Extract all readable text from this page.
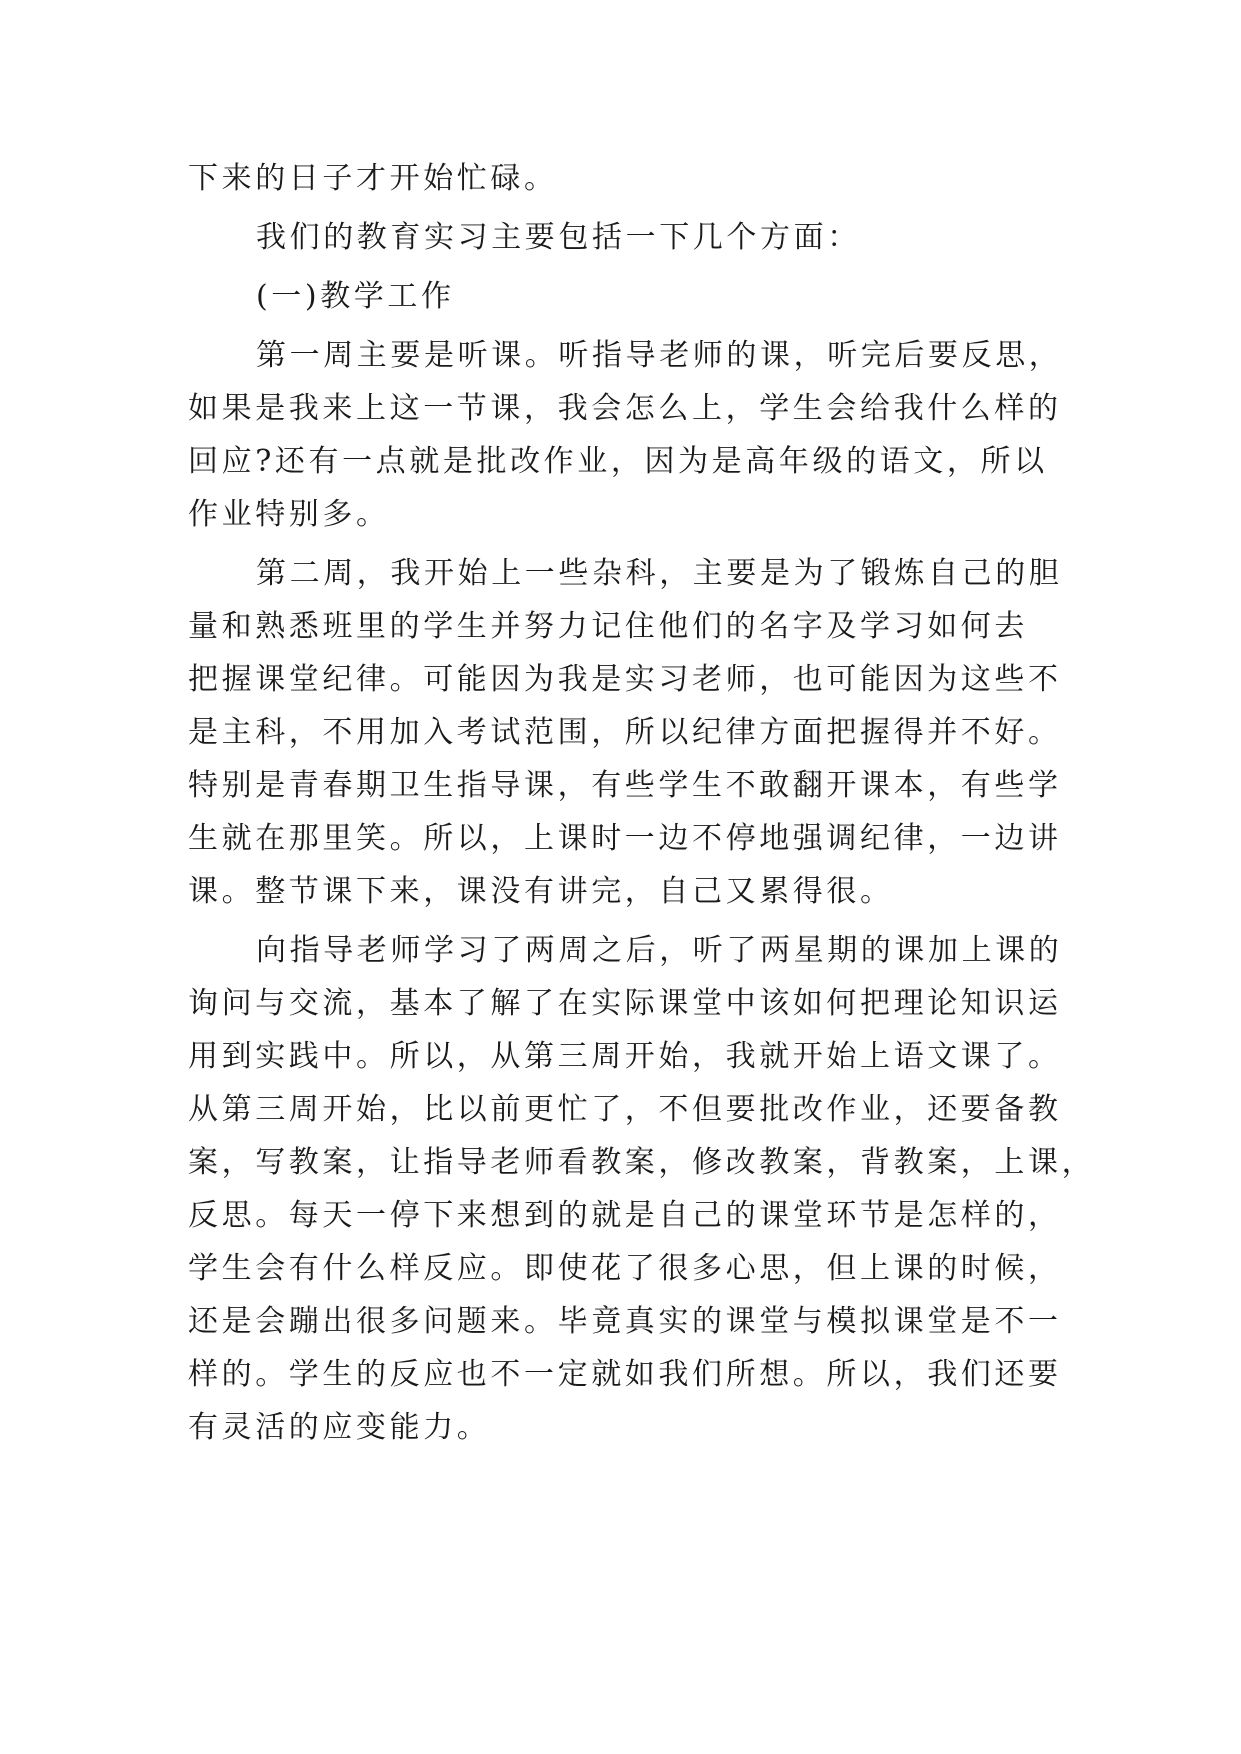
下来的日子才开始忙碌。
我们的教育实习主要包括一下几个方面：
(一)教学工作
第一周主要是听课。听指导老师的课，听完后要反思，
如果是我来上这一节课，我会怎么上，学生会给我什么样的
回应?还有一点就是批改作业，因为是高年级的语文，所以
作业特别多。
第二周，我开始上一些杂科，主要是为了锻炼自己的胆
量和熟悉班里的学生并努力记住他们的名字及学习如何去
把握课堂纪律。可能因为我是实习老师，也可能因为这些不
是主科，不用加入考试范围，所以纪律方面把握得并不好。
特别是青春期卫生指导课，有些学生不敢翻开课本，有些学
生就在那里笑。所以，上课时一边不停地强调纪律，一边讲
课。整节课下来，课没有讲完，自己又累得很。
向指导老师学习了两周之后，听了两星期的课加上课的
询问与交流，基本了解了在实际课堂中该如何把理论知识运
用到实践中。所以，从第三周开始，我就开始上语文课了。
从第三周开始，比以前更忙了，不但要批改作业，还要备教
案，写教案，让指导老师看教案，修改教案，背教案，上课，
反思。每天一停下来想到的就是自己的课堂环节是怎样的，
学生会有什么样反应。即使花了很多心思，但上课的时候，
还是会蹦出很多问题来。毕竟真实的课堂与模拟课堂是不一
样的。学生的反应也不一定就如我们所想。所以，我们还要
有灵活的应变能力。
